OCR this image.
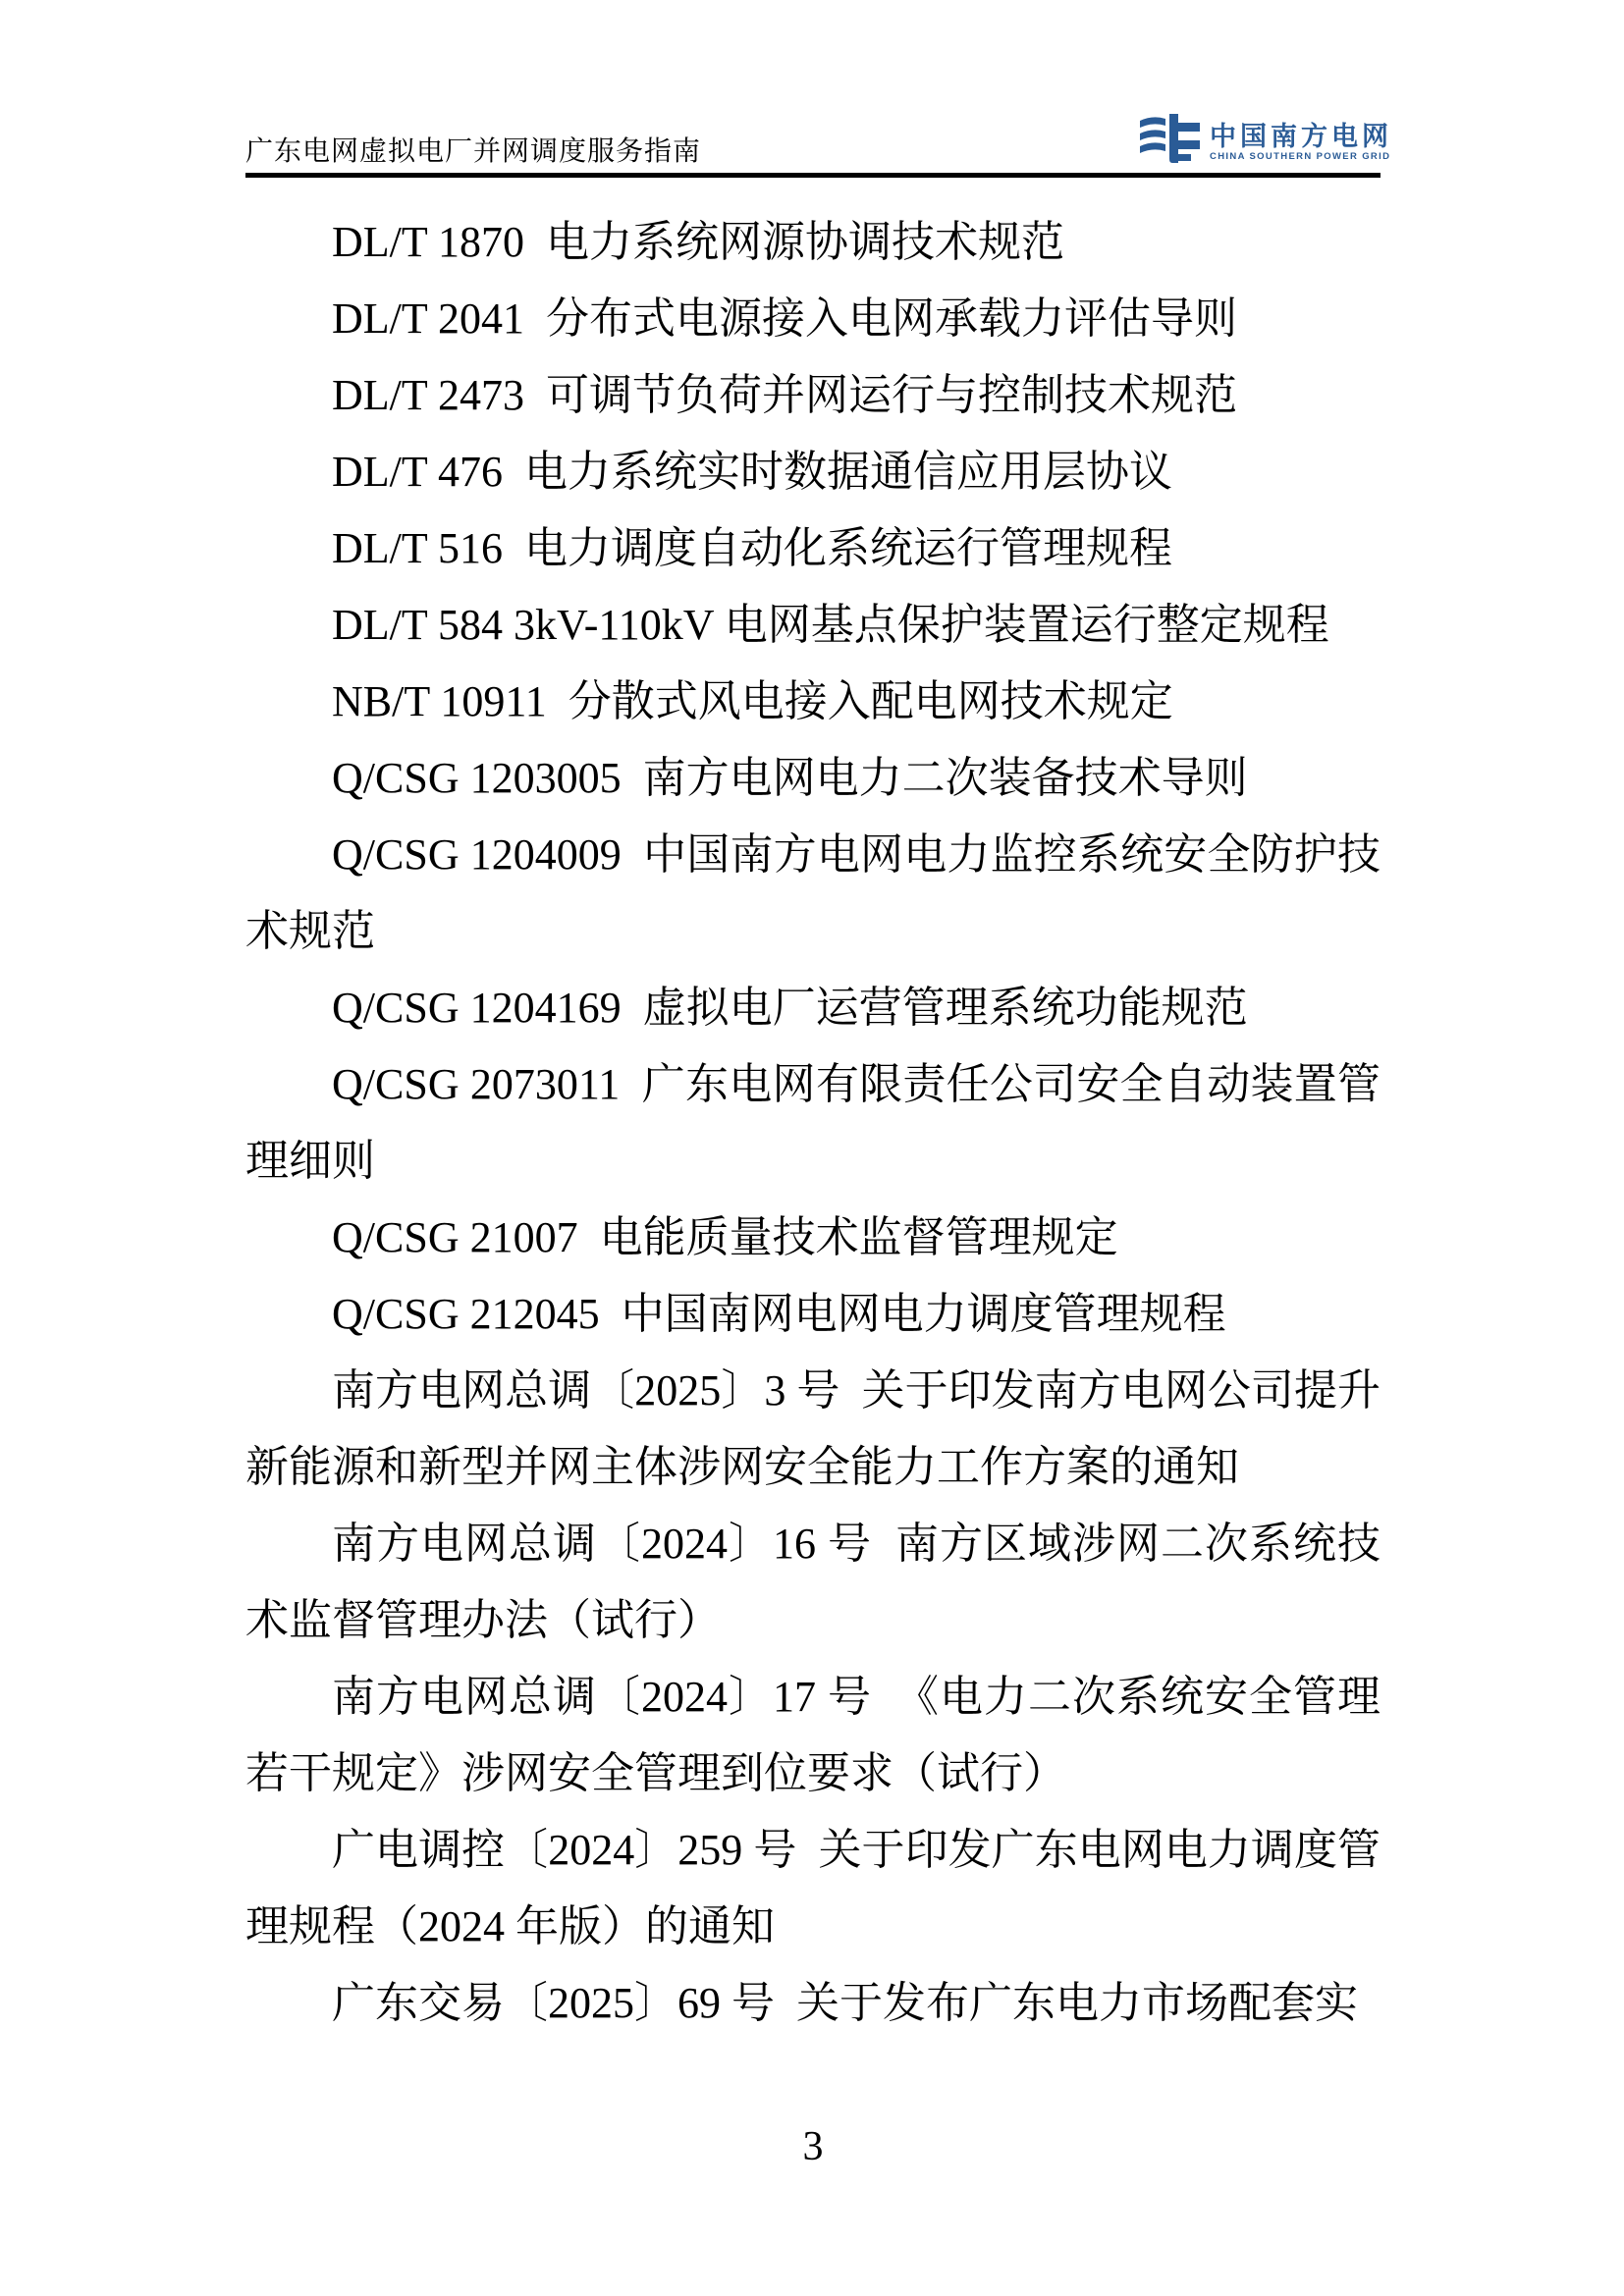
广东电网虚拟电厂并网调度服务指南	中国南方电网
CHINA SOUTHERN POWER GRID

DL/T 1870  电力系统网源协调技术规范

DL/T 2041  分布式电源接入电网承载力评估导则

DL/T 2473  可调节负荷并网运行与控制技术规范

DL/T 476  电力系统实时数据通信应用层协议

DL/T 516  电力调度自动化系统运行管理规程

DL/T 584 3kV-110kV 电网基点保护装置运行整定规程

NB/T 10911  分散式风电接入配电网技术规定

Q/CSG 1203005  南方电网电力二次装备技术导则

Q/CSG 1204009  中国南方电网电力监控系统安全防护技术规范

Q/CSG 1204169  虚拟电厂运营管理系统功能规范

Q/CSG 2073011  广东电网有限责任公司安全自动装置管理细则

Q/CSG 21007  电能质量技术监督管理规定

Q/CSG 212045  中国南网电网电力调度管理规程

南方电网总调〔2025〕3 号  关于印发南方电网公司提升新能源和新型并网主体涉网安全能力工作方案的通知

南方电网总调〔2024〕16 号  南方区域涉网二次系统技术监督管理办法（试行）

南方电网总调〔2024〕17 号  《电力二次系统安全管理若干规定》涉网安全管理到位要求（试行）

广电调控〔2024〕259 号  关于印发广东电网电力调度管理规程（2024 年版）的通知

广东交易〔2025〕69 号  关于发布广东电力市场配套实

3
